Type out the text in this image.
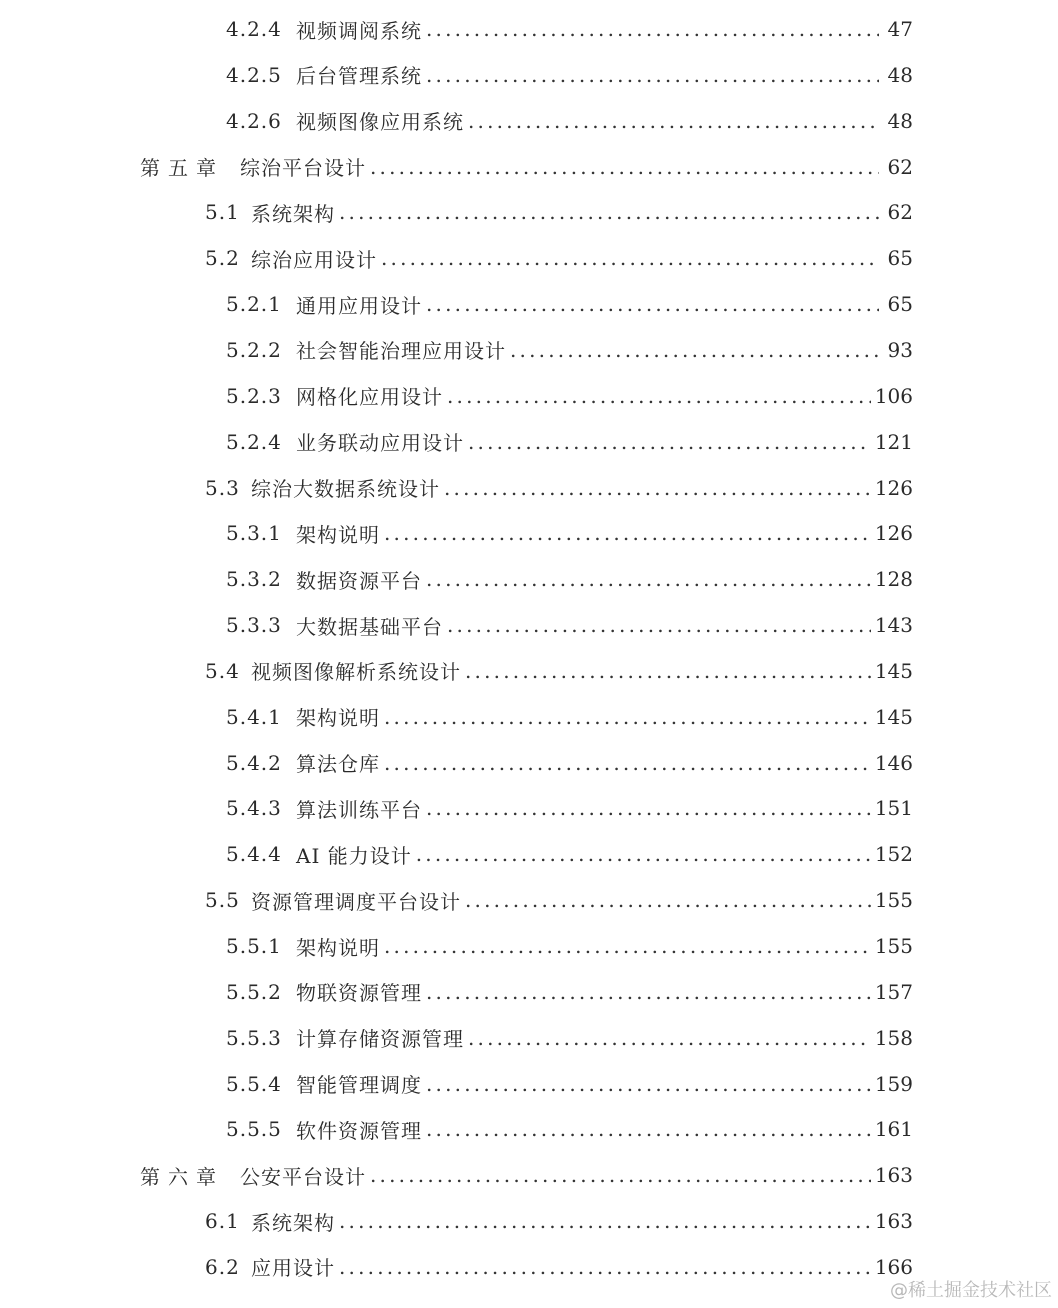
4.2.4 视频调阅系统 .....	47
4.2.5 后台管理系统 .....	48
4.2.6 视频图像应用系统 .....	48
第五章 综治平台设计 .....	62
5.1 系统架构 .....	62
5.2 综治应用设计 .....	65
5.2.1 通用应用设计 .....	65
5.2.2 社会智能治理应用设计 .....	93
5.2.3 网格化应用设计 .....	106
5.2.4 业务联动应用设计 .....	121
5.3 综治大数据系统设计 .....	126
5.3.1 架构说明 .....	126
5.3.2 数据资源平台 .....	128
5.3.3 大数据基础平台 .....	143
5.4 视频图像解析系统设计 .....	145
5.4.1 架构说明 .....	145
5.4.2 算法仓库 .....	146
5.4.3 算法训练平台 .....	151
5.4.4 AI 能力设计 .....	152
5.5 资源管理调度平台设计 .....	155
5.5.1 架构说明 .....	155
5.5.2 物联资源管理 .....	157
5.5.3 计算存储资源管理 .....	158
5.5.4 智能管理调度 .....	159
5.5.5 软件资源管理 .....	161
第六章 公安平台设计 .....	163
6.1 系统架构 .....	163
6.2 应用设计 .....	166
@稀土掘金技术社区
